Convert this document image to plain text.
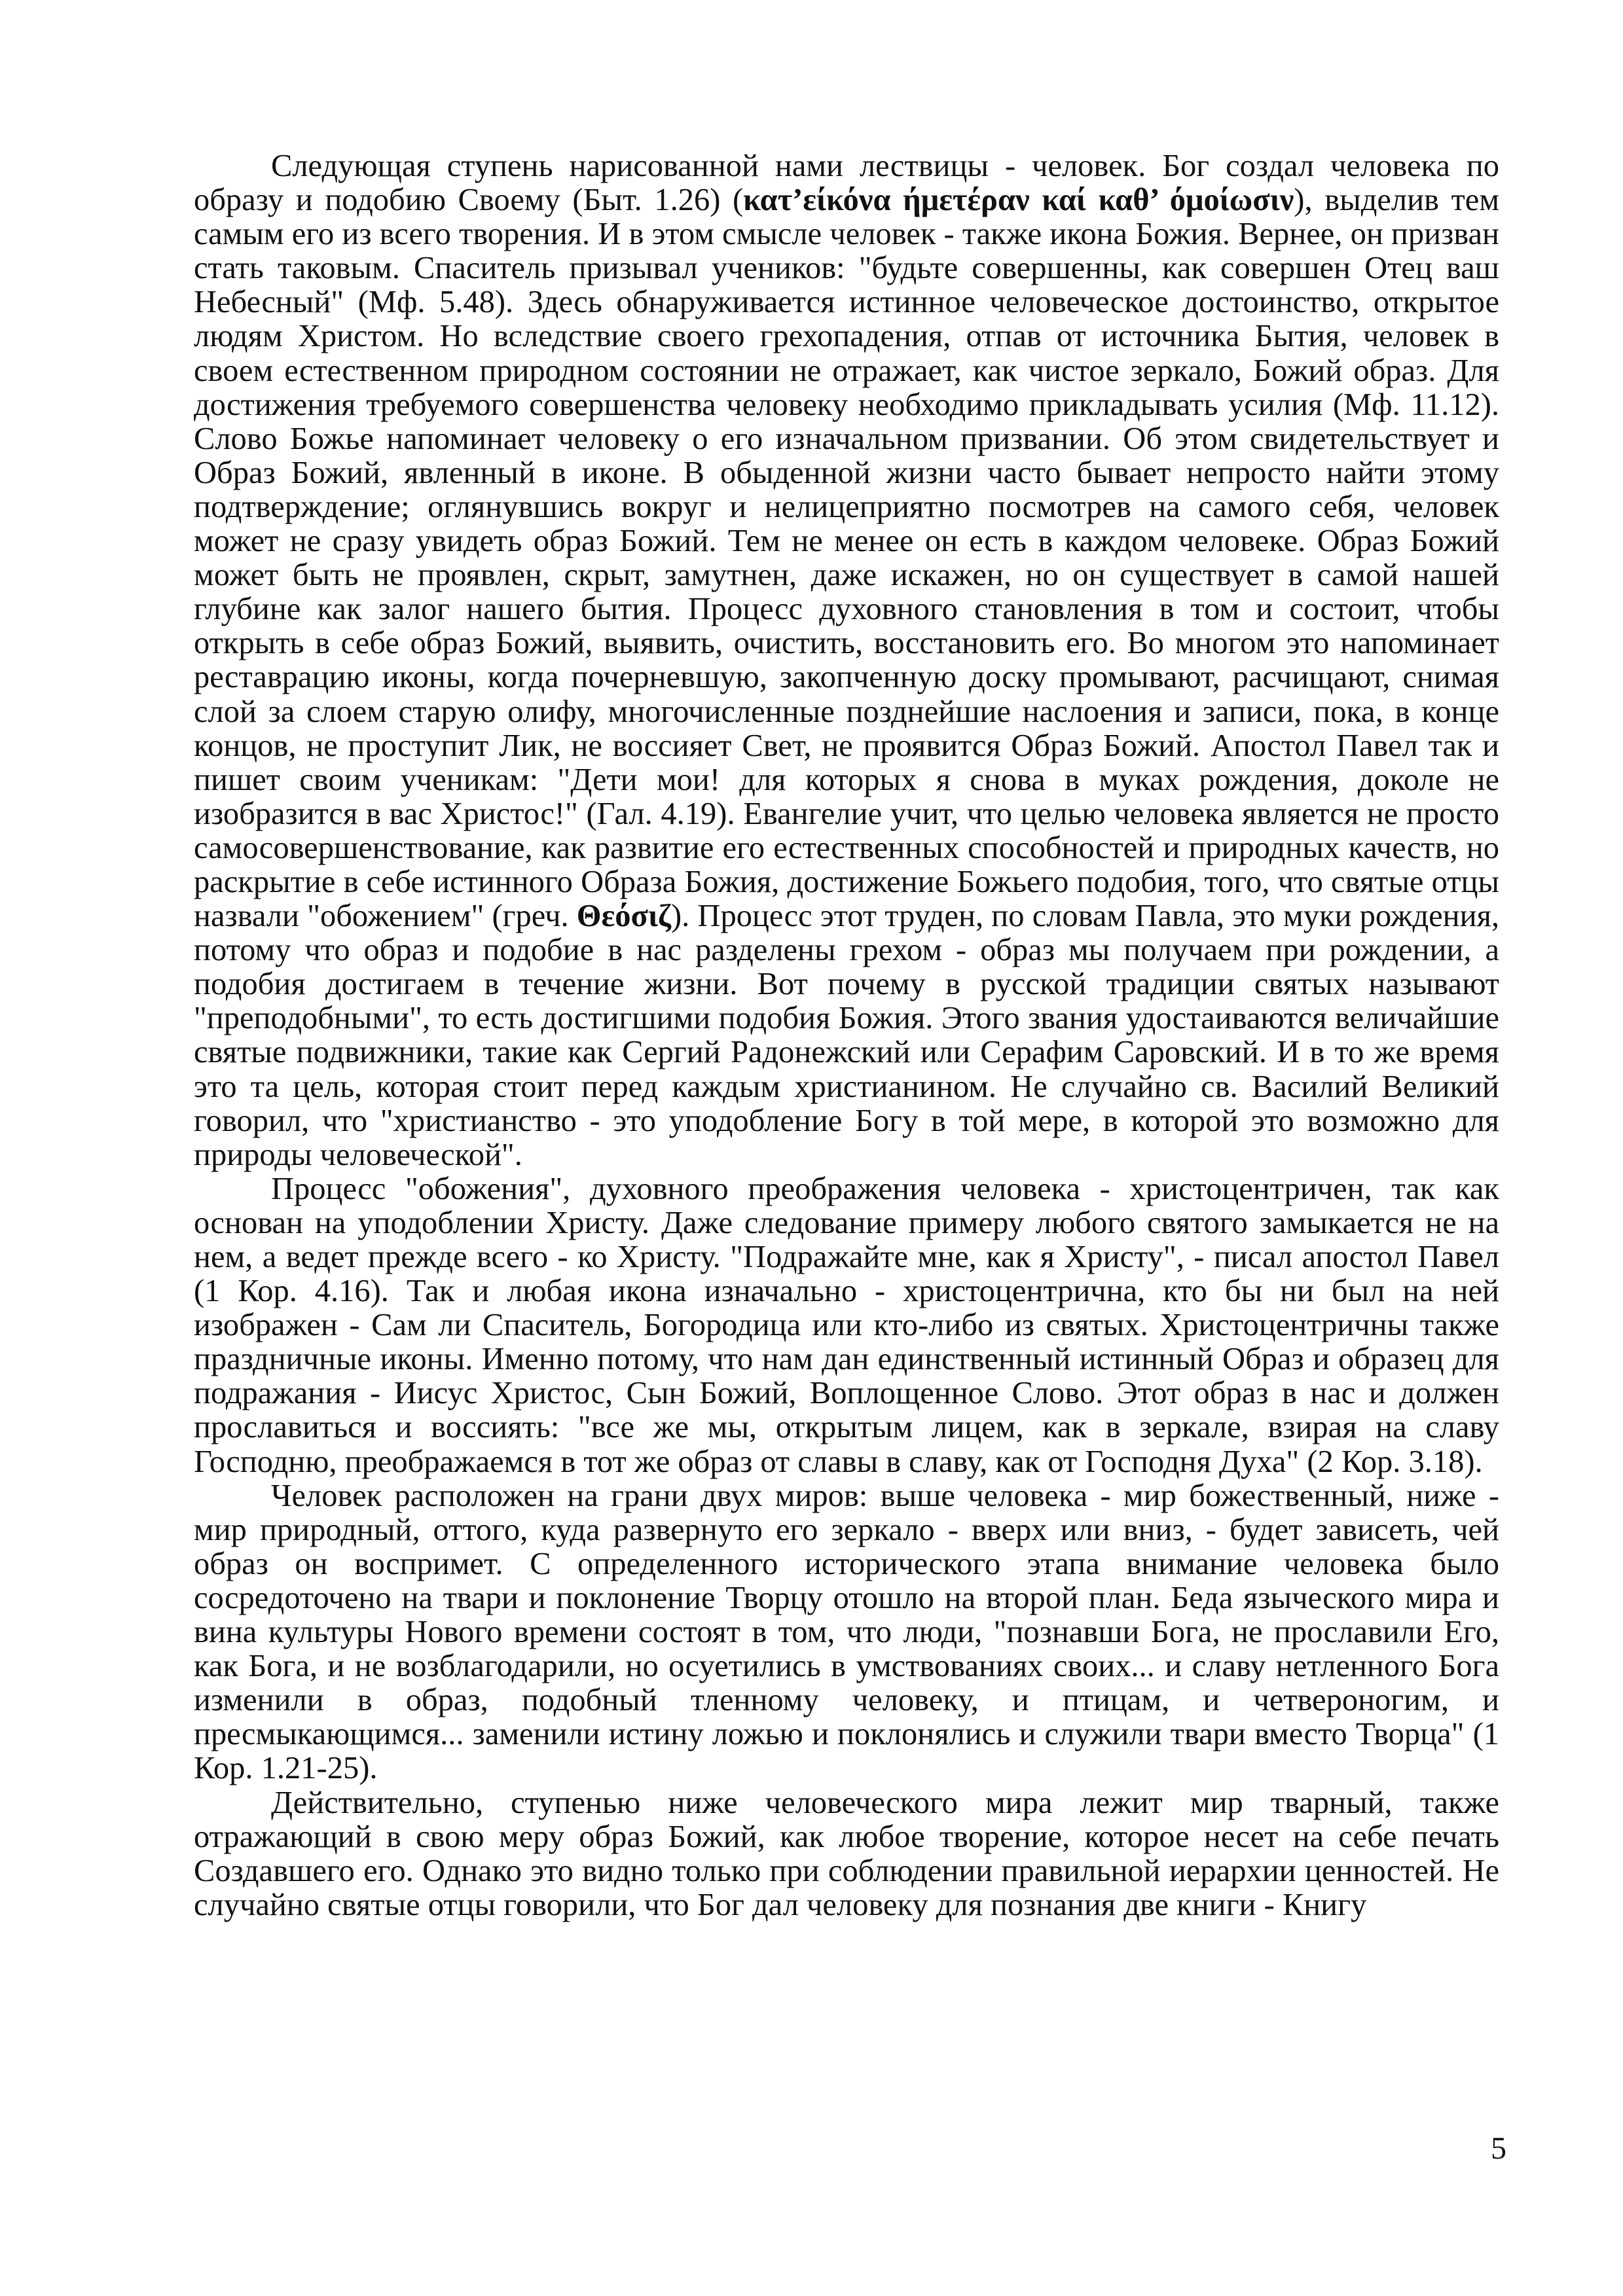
Следующая ступень нарисованной нами лествицы - человек. Бог создал человека по образу и подобию Своему (Быт. 1.26) (κατ’είκόνα ήμετέραν καί καθ’ όμοίωσιν), выделив тем самым его из всего творения. И в этом смысле человек - также икона Божия. Вернее, он призван стать таковым. Спаситель призывал учеников: "будьте совершенны, как совершен Отец ваш Небесный" (Мф. 5.48). Здесь обнаруживается истинное человеческое достоинство, открытое людям Христом. Но вследствие своего грехопадения, отпав от источника Бытия, человек в своем естественном природном состоянии не отражает, как чистое зеркало, Божий образ. Для достижения требуемого совершенства человеку необходимо прикладывать усилия (Мф. 11.12). Слово Божье напоминает человеку о его изначальном призвании. Об этом свидетельствует и Образ Божий, явленный в иконе. В обыденной жизни часто бывает непросто найти этому подтверждение; оглянувшись вокруг и нелицеприятно посмотрев на самого себя, человек может не сразу увидеть образ Божий. Тем не менее он есть в каждом человеке. Образ Божий может быть не проявлен, скрыт, замутнен, даже искажен, но он существует в самой нашей глубине как залог нашего бытия. Процесс духовного становления в том и состоит, чтобы открыть в себе образ Божий, выявить, очистить, восстановить его. Во многом это напоминает реставрацию иконы, когда почерневшую, закопченную доску промывают, расчищают, снимая слой за слоем старую олифу, многочисленные позднейшие наслоения и записи, пока, в конце концов, не проступит Лик, не воссияет Свет, не проявится Образ Божий. Апостол Павел так и пишет своим ученикам: "Дети мои! для которых я снова в муках рождения, доколе не изобразится в вас Христос!" (Гал. 4.19). Евангелие учит, что целью человека является не просто самосовершенствование, как развитие его естественных способностей и природных качеств, но раскрытие в себе истинного Образа Божия, достижение Божьего подобия, того, что святые отцы назвали "обожением" (греч. Θεόσιζ). Процесс этот труден, по словам Павла, это муки рождения, потому что образ и подобие в нас разделены грехом - образ мы получаем при рождении, а подобия достигаем в течение жизни. Вот почему в русской традиции святых называют "преподобными", то есть достигшими подобия Божия. Этого звания удостаиваются величайшие святые подвижники, такие как Сергий Радонежский или Серафим Саровский. И в то же время это та цель, которая стоит перед каждым христианином. Не случайно св. Василий Великий говорил, что "христианство - это уподобление Богу в той мере, в которой это возможно для природы человеческой".

Процесс "обожения", духовного преображения человека - христоцентричен, так как основан на уподоблении Христу. Даже следование примеру любого святого замыкается не на нем, а ведет прежде всего - ко Христу. "Подражайте мне, как я Христу", - писал апостол Павел (1 Кор. 4.16). Так и любая икона изначально - христоцентрична, кто бы ни был на ней изображен - Сам ли Спаситель, Богородица или кто-либо из святых. Христоцентричны также праздничные иконы. Именно потому, что нам дан единственный истинный Образ и образец для подражания - Иисус Христос, Сын Божий, Воплощенное Слово. Этот образ в нас и должен прославиться и воссиять: "все же мы, открытым лицем, как в зеркале, взирая на славу Господню, преображаемся в тот же образ от славы в славу, как от Господня Духа" (2 Кор. 3.18).

Человек расположен на грани двух миров: выше человека - мир божественный, ниже - мир природный, оттого, куда развернуто его зеркало - вверх или вниз, - будет зависеть, чей образ он воспримет. С определенного исторического этапа внимание человека было сосредоточено на твари и поклонение Творцу отошло на второй план. Беда языческого мира и вина культуры Нового времени состоят в том, что люди, "познавши Бога, не прославили Его, как Бога, и не возблагодарили, но осуетились в умствованиях своих... и славу нетленного Бога изменили в образ, подобный тленному человеку, и птицам, и четвероногим, и пресмыкающимся... заменили истину ложью и поклонялись и служили твари вместо Творца" (1 Кор. 1.21-25).

Действительно, ступенью ниже человеческого мира лежит мир тварный, также отражающий в свою меру образ Божий, как любое творение, которое несет на себе печать Создавшего его. Однако это видно только при соблюдении правильной иерархии ценностей. Не случайно святые отцы говорили, что Бог дал человеку для познания две книги - Книгу

5
